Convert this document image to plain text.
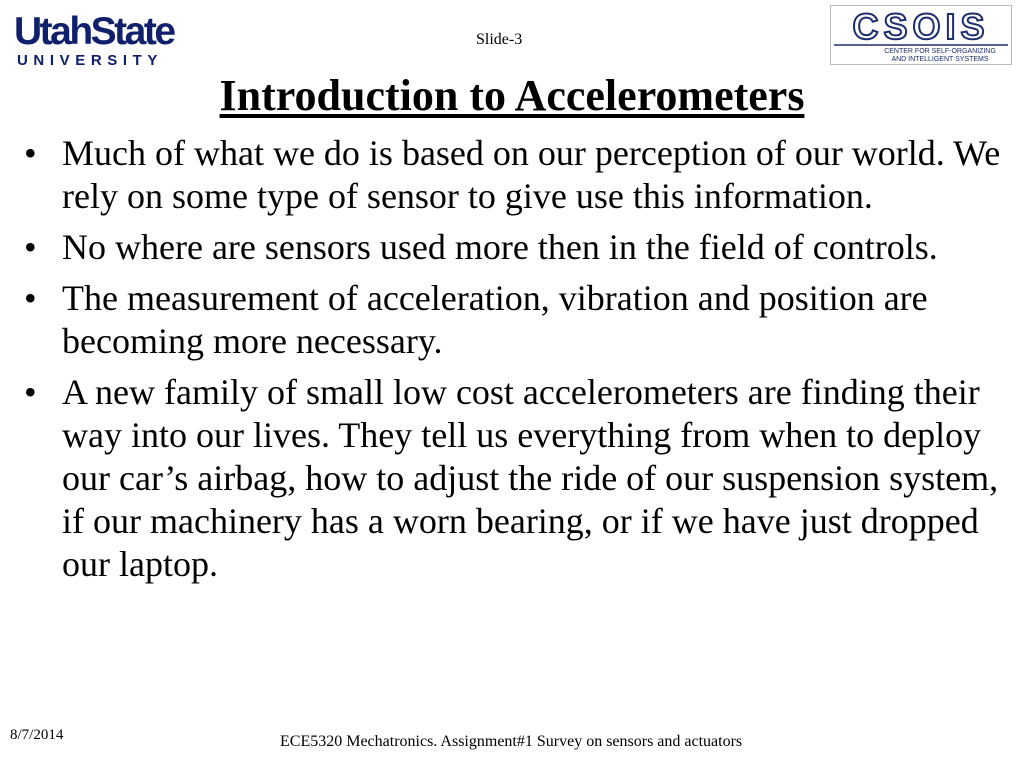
UtahState
UNIVERSITY
Slide-3	CSOIS
CENTER FOR SELF-ORGANIZING
AND INTELLIGENT SYSTEMS
Introduction to Accelerometers
• Much of what we do is based on our perception of our world. We rely on some type of sensor to give use this information.
• No where are sensors used more then in the field of controls.
• The measurement of acceleration, vibration and position are becoming more necessary.
• A new family of small low cost accelerometers are finding their way into our lives. They tell us everything from when to deploy our car’s airbag, how to adjust the ride of our suspension system, if our machinery has a worn bearing, or if we have just dropped our laptop.
8/7/2014	ECE5320 Mechatronics. Assignment#1 Survey on sensors and actuators
